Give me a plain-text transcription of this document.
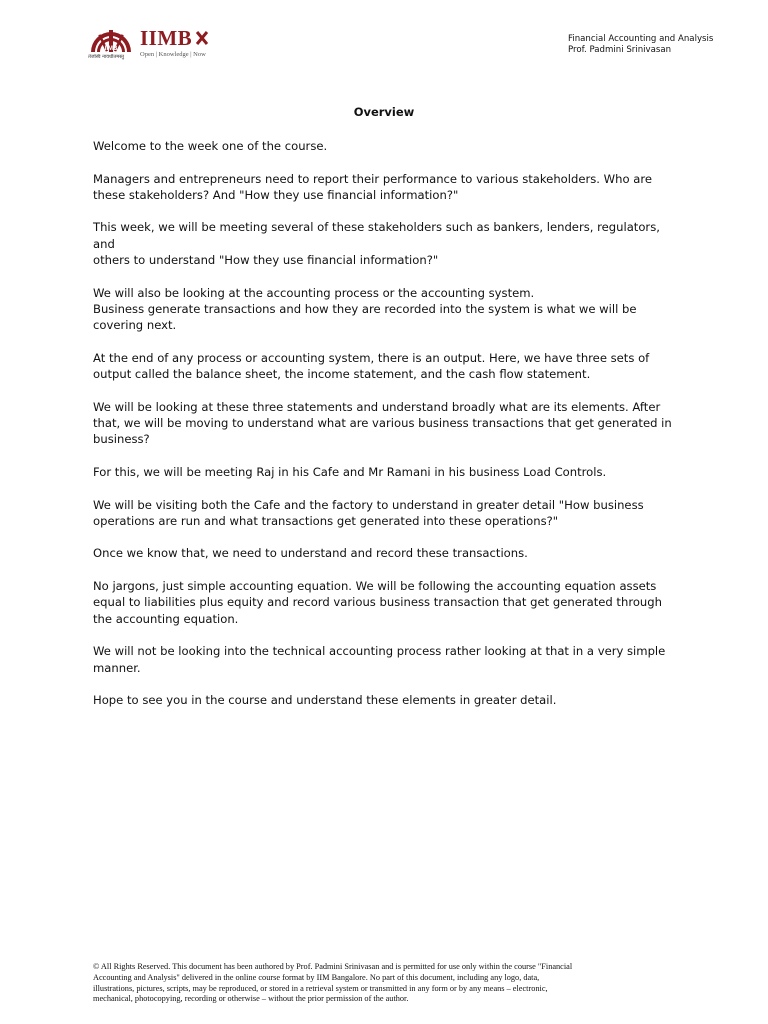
IIMB
तेजस्वि नावधीतमस्तु
IIMB
Open | Knowledge | Now
Financial Accounting and Analysis
Prof. Padmini Srinivasan
Overview

Welcome to the week one of the course.

Managers and entrepreneurs need to report their performance to various stakeholders. Who are
these stakeholders? And "How they use financial information?"

This week, we will be meeting several of these stakeholders such as bankers, lenders, regulators, and
others to understand "How they use financial information?"

We will also be looking at the accounting process or the accounting system.
Business generate transactions and how they are recorded into the system is what we will be
covering next.

At the end of any process or accounting system, there is an output. Here, we have three sets of
output called the balance sheet, the income statement, and the cash flow statement.

We will be looking at these three statements and understand broadly what are its elements. After
that, we will be moving to understand what are various business transactions that get generated in
business?

For this, we will be meeting Raj in his Cafe and Mr Ramani in his business Load Controls.

We will be visiting both the Cafe and the factory to understand in greater detail "How business
operations are run and what transactions get generated into these operations?"

Once we know that, we need to understand and record these transactions.

No jargons, just simple accounting equation. We will be following the accounting equation assets
equal to liabilities plus equity and record various business transaction that get generated through
the accounting equation.

We will not be looking into the technical accounting process rather looking at that in a very simple
manner.

Hope to see you in the course and understand these elements in greater detail.

© All Rights Reserved. This document has been authored by Prof. Padmini Srinivasan and is permitted for use only within the course "Financial
Accounting and Analysis" delivered in the online course format by IIM Bangalore. No part of this document, including any logo, data,
illustrations, pictures, scripts, may be reproduced, or stored in a retrieval system or transmitted in any form or by any means – electronic,
mechanical, photocopying, recording or otherwise – without the prior permission of the author.
